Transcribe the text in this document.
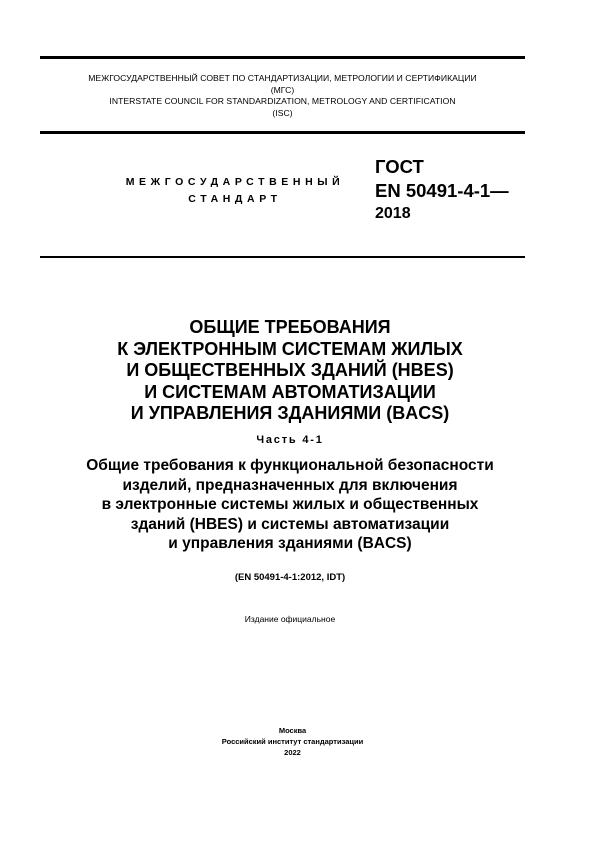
МЕЖГОСУДАРСТВЕННЫЙ СОВЕТ ПО СТАНДАРТИЗАЦИИ, МЕТРОЛОГИИ И СЕРТИФИКАЦИИ
(МГС)
INTERSTATE COUNCIL FOR STANDARDIZATION, METROLOGY AND CERTIFICATION
(ISC)
МЕЖГОСУДАРСТВЕННЫЙ
СТАНДАРТ
ГОСТ
EN 50491-4-1—
2018
ОБЩИЕ ТРЕБОВАНИЯ
К ЭЛЕКТРОННЫМ СИСТЕМАМ ЖИЛЫХ
И ОБЩЕСТВЕННЫХ ЗДАНИЙ (HBES)
И СИСТЕМАМ АВТОМАТИЗАЦИИ
И УПРАВЛЕНИЯ ЗДАНИЯМИ (BACS)
Часть 4-1
Общие требования к функциональной безопасности
изделий, предназначенных для включения
в электронные системы жилых и общественных
зданий (HBES) и системы автоматизации
и управления зданиями (BACS)
(EN 50491-4-1:2012, IDT)
Издание официальное
Москва
Российский институт стандартизации
2022
